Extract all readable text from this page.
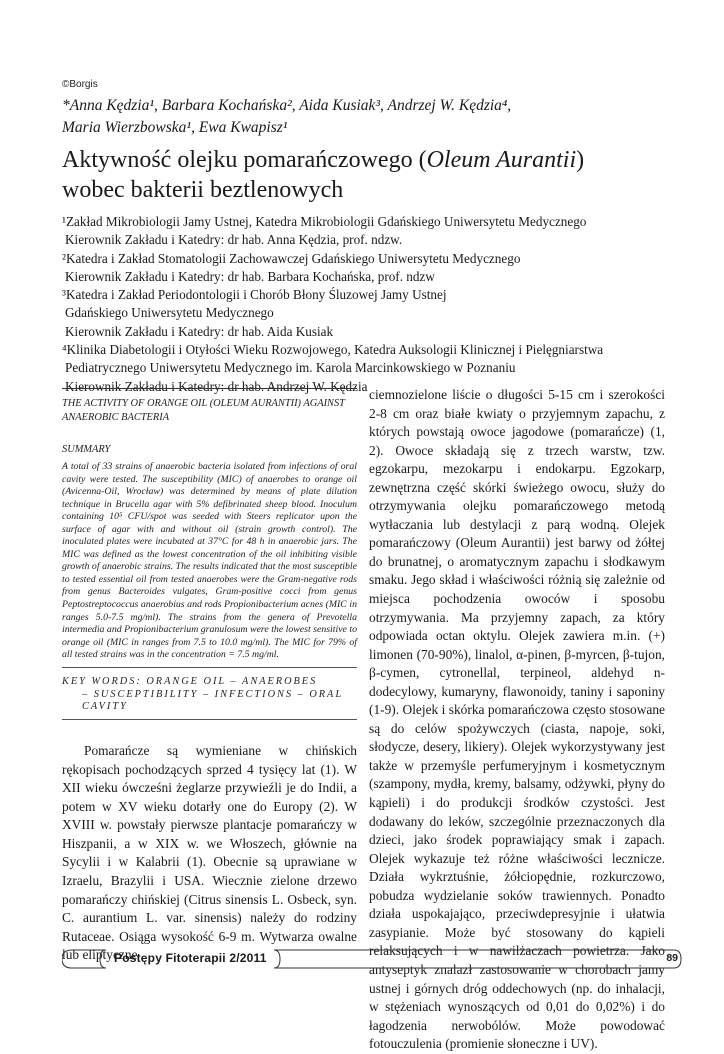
©Borgis
*Anna Kędzia¹, Barbara Kochańska², Aida Kusiak³, Andrzej W. Kędzia⁴,
Maria Wierzbowska¹, Ewa Kwapisz¹
Aktywność olejku pomarańczowego (Oleum Aurantii)
wobec bakterii beztlenowych
¹Zakład Mikrobiologii Jamy Ustnej, Katedra Mikrobiologii Gdańskiego Uniwersytetu Medycznego
Kierownik Zakładu i Katedry: dr hab. Anna Kędzia, prof. ndzw.
²Katedra i Zakład Stomatologii Zachowawczej Gdańskiego Uniwersytetu Medycznego
Kierownik Zakładu i Katedry: dr hab. Barbara Kochańska, prof. ndzw
³Katedra i Zakład Periodontologii i Chorób Błony Śluzowej Jamy Ustnej
Gdańskiego Uniwersytetu Medycznego
Kierownik Zakładu i Katedry: dr hab. Aida Kusiak
⁴Klinika Diabetologii i Otyłości Wieku Rozwojowego, Katedra Auksologii Klinicznej i Pielęgniarstwa
Pediatrycznego Uniwersytetu Medycznego im. Karola Marcinkowskiego w Poznaniu
Kierownik Zakładu i Katedry: dr hab. Andrzej W. Kędzia
THE ACTIVITY OF ORANGE OIL (OLEUM AURANTII) AGAINST ANAEROBIC BACTERIA
SUMMARY
A total of 33 strains of anaerobic bacteria isolated from infections of oral cavity were tested. The susceptibility (MIC) of anaerobes to orange oil (Avicenna-Oil, Wrocław) was determined by means of plate dilution technique in Brucella agar with 5% defibrinated sheep blood. Inoculum containing 10⁵ CFU/spot was seeded with Steers replicator upon the surface of agar with and without oil (strain growth control). The inoculated plates were incubated at 37°C for 48 h in anaerobic jars. The MIC was defined as the lowest concentration of the oil inhibiting visible growth of anaerobic strains. The results indicated that the most susceptible to tested essential oil from tested anaerobes were the Gram-negative rods from genus Bacteroides vulgates, Gram-positive cocci from genus Peptostreptococcus anaerobius and rods Propionibacterium acnes (MIC in ranges 5.0-7.5 mg/ml). The strains from the genera of Prevotella intermedia and Propionibacterium granulosum were the lowest sensitive to orange oil (MIC in ranges from 7.5 to 10.0 mg/ml). The MIC for 79% of all tested strains was in the concentration = 7.5 mg/ml.
KEY WORDS: ORANGE OIL – ANAEROBES
– SUSCEPTIBILITY – INFECTIONS – ORAL CAVITY
Pomarańcze są wymieniane w chińskich rękopisach pochodzących sprzed 4 tysięcy lat (1). W XII wieku ówcześni żeglarze przywieźli je do Indii, a potem w XV wieku dotarły one do Europy (2). W XVIII w. powstały pierwsze plantacje pomarańczy w Hiszpanii, a w XIX w. we Włoszech, głównie na Sycylii i w Kalabrii (1). Obecnie są uprawiane w Izraelu, Brazylii i USA. Wiecznie zielone drzewo pomarańczy chińskiej (Citrus sinensis L. Osbeck, syn. C. aurantium L. var. sinensis) należy do rodziny Rutaceae. Osiąga wysokość 6-9 m. Wytwarza owalne lub eliptyczne
ciemnozielone liście o długości 5-15 cm i szerokości 2-8 cm oraz białe kwiaty o przyjemnym zapachu, z których powstają owoce jagodowe (pomarańcze) (1, 2). Owoce składają się z trzech warstw, tzw. egzokarpu, mezokarpu i endokarpu. Egzokarp, zewnętrzna część skórki świeżego owocu, służy do otrzymywania olejku pomarańczowego metodą wytłaczania lub destylacji z parą wodną. Olejek pomarańczowy (Oleum Aurantii) jest barwy od żółtej do brunatnej, o aromatycznym zapachu i słodkawym smaku. Jego skład i właściwości różnią się zależnie od miejsca pochodzenia owoców i sposobu otrzymywania. Ma przyjemny zapach, za który odpowiada octan oktylu. Olejek zawiera m.in. (+) limonen (70-90%), linalol, α-pinen, β-myrcen, β-tujon, β-cymen, cytronellal, terpineol, aldehyd n-dodecylowy, kumaryny, flawonoidy, taniny i saponiny (1-9). Olejek i skórka pomarańczowa często stosowane są do celów spożywczych (ciasta, napoje, soki, słodycze, desery, likiery). Olejek wykorzystywany jest także w przemyśle perfumeryjnym i kosmetycznym (szampony, mydła, kremy, balsamy, odżywki, płyny do kąpieli) i do produkcji środków czystości. Jest dodawany do leków, szczególnie przeznaczonych dla dzieci, jako środek poprawiający smak i zapach. Olejek wykazuje też różne właściwości lecznicze. Działa wykrztuśnie, żółciopędnie, rozkurczowo, pobudza wydzielanie soków trawiennych. Ponadto działa uspokajająco, przeciwdepresyjnie i ułatwia zasypianie. Może być stosowany do kąpieli relaksujących i w nawilżaczach powietrza. Jako antyseptyk znalazł zastosowanie w chorobach jamy ustnej i górnych dróg oddechowych (np. do inhalacji, w stężeniach wynoszących od 0,01 do 0,02%) i do łagodzenia nerwobólów. Może powodować fotouczulenia (promienie słoneczne i UV).
Postępy Fitoterapii 2/2011	89
